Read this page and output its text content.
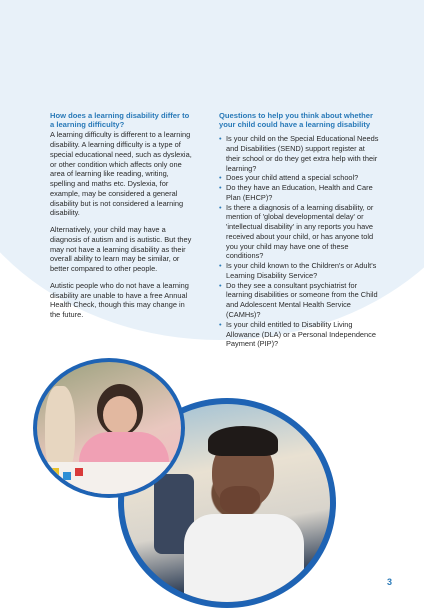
How does a learning disability differ to a learning difficulty?

A learning difficulty is different to a learning disability. A learning difficulty is a type of special educational need, such as dyslexia, or other condition which affects only one area of learning like reading, writing, spelling and maths etc. Dyslexia, for example, may be considered a general disability but is not considered a learning disability.

Alternatively, your child may have a diagnosis of autism and is autistic. But they may not have a learning disability as their overall ability to learn may be similar, or better compared to other people.

Autistic people who do not have a learning disability are unable to have a free Annual Health Check, though this may change in the future.

Questions to help you think about whether your child could have a learning disability
• Is your child on the Special Educational Needs and Disabilities (SEND) support register at their school or do they get extra help with their learning?
• Does your child attend a special school?
• Do they have an Education, Health and Care Plan (EHCP)?
• Is there a diagnosis of a learning disability, or mention of 'global developmental delay' or 'intellectual disability' in any reports you have received about your child, or has anyone told you your child may have one of these conditions?
• Is your child known to the Children's or Adult's Learning Disability Service?
• Do they see a consultant psychiatrist for learning disabilities or someone from the Child and Adolescent Mental Health Service (CAMHs)?
• Is your child entitled to Disability Living Allowance (DLA) or a Personal Independence Payment (PIP)?
3
